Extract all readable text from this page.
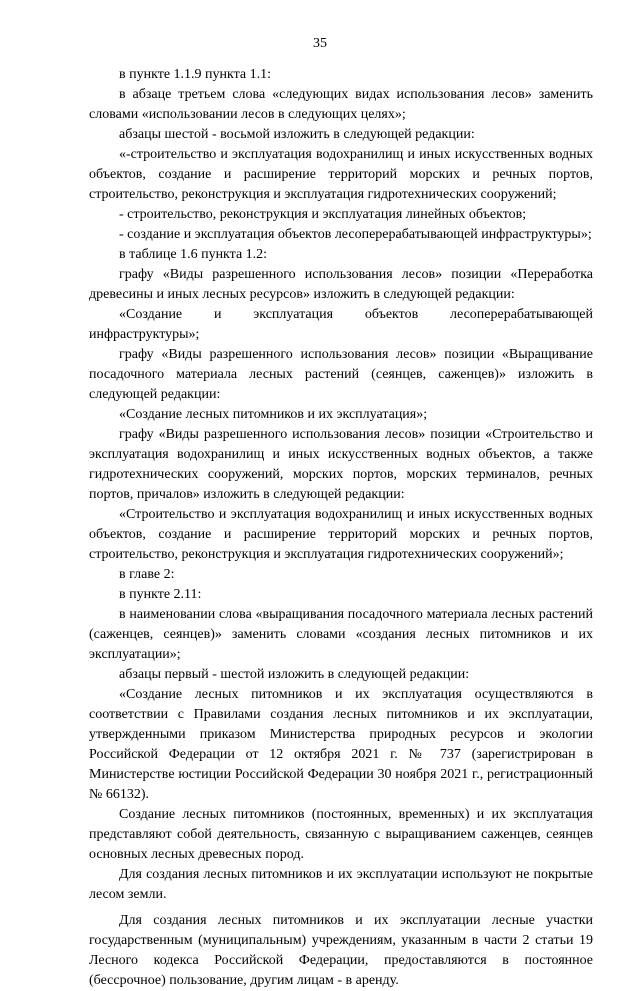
35

в пункте 1.1.9 пункта 1.1:

в абзаце третьем слова «следующих видах использования лесов» заменить словами «использовании лесов в следующих целях»;

абзацы шестой - восьмой изложить в следующей редакции:

«-строительство и эксплуатация водохранилищ и иных искусственных водных объектов, создание и расширение территорий морских и речных портов, строительство, реконструкция и эксплуатация гидротехнических сооружений;

- строительство, реконструкция и эксплуатация линейных объектов;

- создание и эксплуатация объектов лесоперерабатывающей инфраструктуры»;

в таблице 1.6 пункта 1.2:

графу «Виды разрешенного использования лесов» позиции «Переработка древесины и иных лесных ресурсов» изложить в следующей редакции:

«Создание и эксплуатация объектов лесоперерабатывающей инфраструктуры»;

графу «Виды разрешенного использования лесов» позиции «Выращивание посадочного материала лесных растений (сеянцев, саженцев)» изложить в следующей редакции:

«Создание лесных питомников и их эксплуатация»;

графу «Виды разрешенного использования лесов» позиции «Строительство и эксплуатация водохранилищ и иных искусственных водных объектов, а также гидротехнических сооружений, морских портов, морских терминалов, речных портов, причалов» изложить в следующей редакции:

«Строительство и эксплуатация водохранилищ и иных искусственных водных объектов, создание и расширение территорий морских и речных портов, строительство, реконструкция и эксплуатация гидротехнических сооружений»;

в главе 2:

в пункте 2.11:

в наименовании слова «выращивания посадочного материала лесных растений (саженцев, сеянцев)» заменить словами «создания лесных питомников и их эксплуатации»;

абзацы первый - шестой изложить в следующей редакции:

«Создание лесных питомников и их эксплуатация осуществляются в соответствии с Правилами создания лесных питомников и их эксплуатации, утвержденными приказом Министерства природных ресурсов и экологии Российской Федерации от 12 октября 2021 г. № 737 (зарегистрирован в Министерстве юстиции Российской Федерации 30 ноября 2021 г., регистрационный № 66132).

Создание лесных питомников (постоянных, временных) и их эксплуатация представляют собой деятельность, связанную с выращиванием саженцев, сеянцев основных лесных древесных пород.

Для создания лесных питомников и их эксплуатации используют не покрытые лесом земли.

Для создания лесных питомников и их эксплуатации лесные участки государственным (муниципальным) учреждениям, указанным в части 2 статьи 19 Лесного кодекса Российской Федерации, предоставляются в постоянное (бессрочное) пользование, другим лицам - в аренду.
